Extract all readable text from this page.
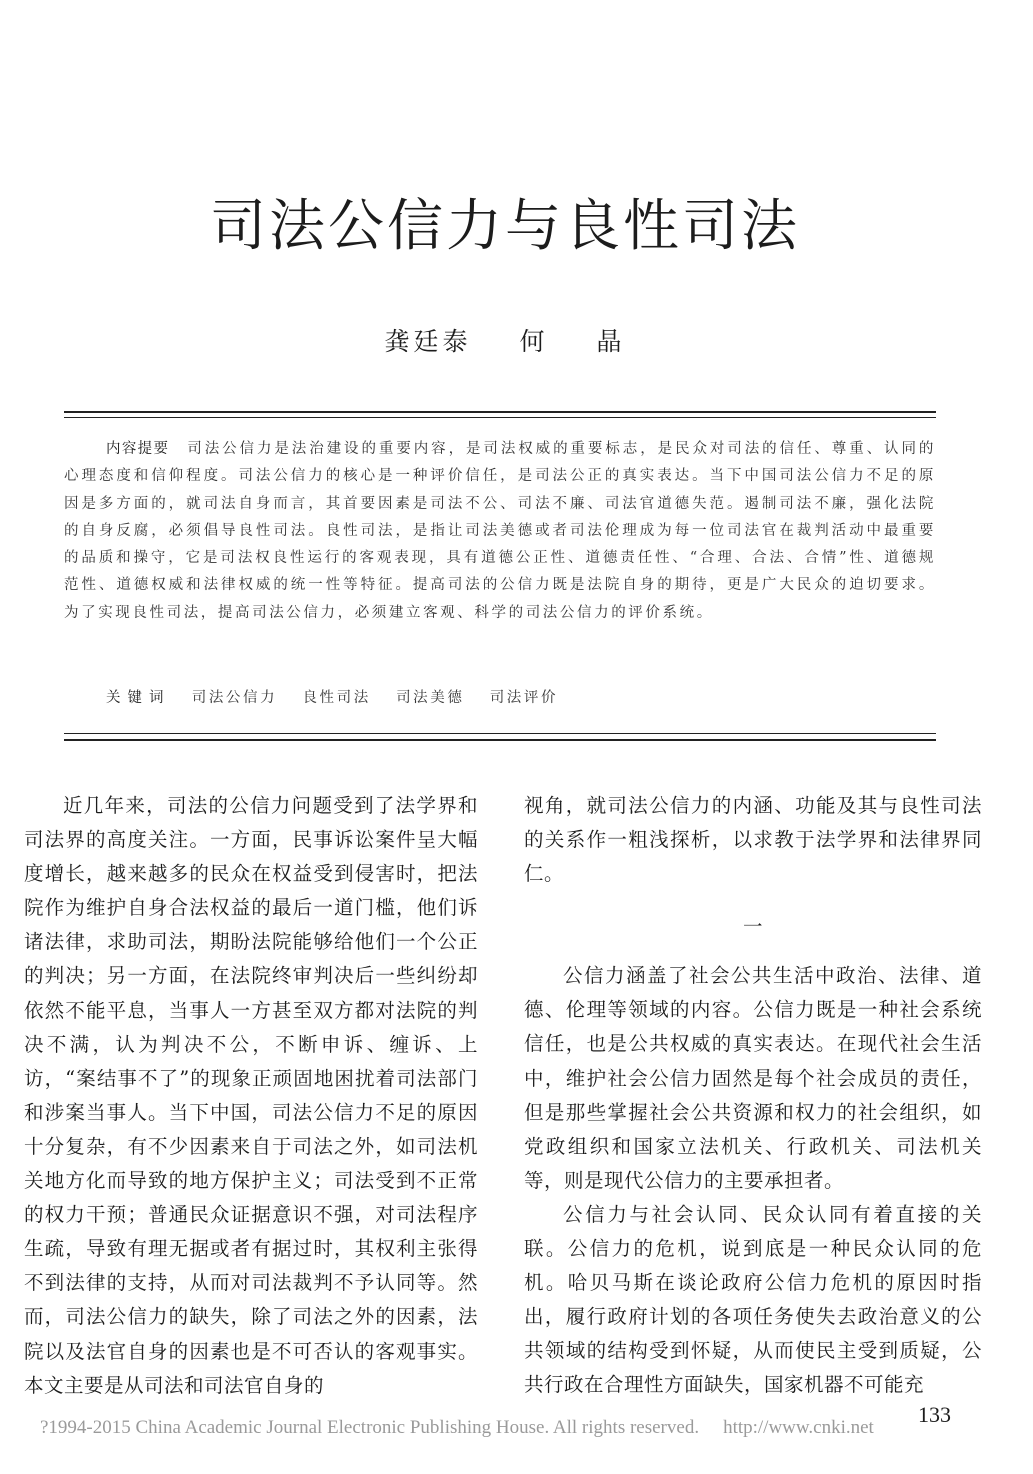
司法公信力与良性司法
龚廷泰 何 晶

内容提要 司法公信力是法治建设的重要内容，是司法权威的重要标志，是民众对司法的信任、尊重、认同的心理态度和信仰程度。司法公信力的核心是一种评价信任，是司法公正的真实表达。当下中国司法公信力不足的原因是多方面的，就司法自身而言，其首要因素是司法不公、司法不廉、司法官道德失范。遏制司法不廉，强化法院的自身反腐，必须倡导良性司法。良性司法，是指让司法美德或者司法伦理成为每一位司法官在裁判活动中最重要的品质和操守，它是司法权良性运行的客观表现，具有道德公正性、道德责任性、“合理、合法、合情”性、道德规范性、道德权威和法律权威的统一性等特征。提高司法的公信力既是法院自身的期待，更是广大民众的迫切要求。为了实现良性司法，提高司法公信力，必须建立客观、科学的司法公信力的评价系统。

关键词 司法公信力 良性司法 司法美德 司法评价

近几年来，司法的公信力问题受到了法学界和司法界的高度关注。一方面，民事诉讼案件呈大幅度增长，越来越多的民众在权益受到侵害时，把法院作为维护自身合法权益的最后一道门槛，他们诉诸法律，求助司法，期盼法院能够给他们一个公正的判决；另一方面，在法院终审判决后一些纠纷却依然不能平息，当事人一方甚至双方都对法院的判决不满，认为判决不公，不断申诉、缠诉、上访，“案结事不了”的现象正顽固地困扰着司法部门和涉案当事人。当下中国，司法公信力不足的原因十分复杂，有不少因素来自于司法之外，如司法机关地方化而导致的地方保护主义；司法受到不正常的权力干预；普通民众证据意识不强，对司法程序生疏，导致有理无据或者有据过时，其权利主张得不到法律的支持，从而对司法裁判不予认同等。然而，司法公信力的缺失，除了司法之外的因素，法院以及法官自身的因素也是不可否认的客观事实。本文主要是从司法和司法官自身的

视角，就司法公信力的内涵、功能及其与良性司法的关系作一粗浅探析，以求教于法学界和法律界同仁。

一

公信力涵盖了社会公共生活中政治、法律、道德、伦理等领域的内容。公信力既是一种社会系统信任，也是公共权威的真实表达。在现代社会生活中，维护社会公信力固然是每个社会成员的责任，但是那些掌握社会公共资源和权力的社会组织，如党政组织和国家立法机关、行政机关、司法机关等，则是现代公信力的主要承担者。

公信力与社会认同、民众认同有着直接的关联。公信力的危机，说到底是一种民众认同的危机。哈贝马斯在谈论政府公信力危机的原因时指出，履行政府计划的各项任务使失去政治意义的公共领域的结构受到怀疑，从而使民主受到质疑，公共行政在合理性方面缺失，国家机器不可能充

133
?1994-2015 China Academic Journal Electronic Publishing House. All rights reserved. http://www.cnki.net
